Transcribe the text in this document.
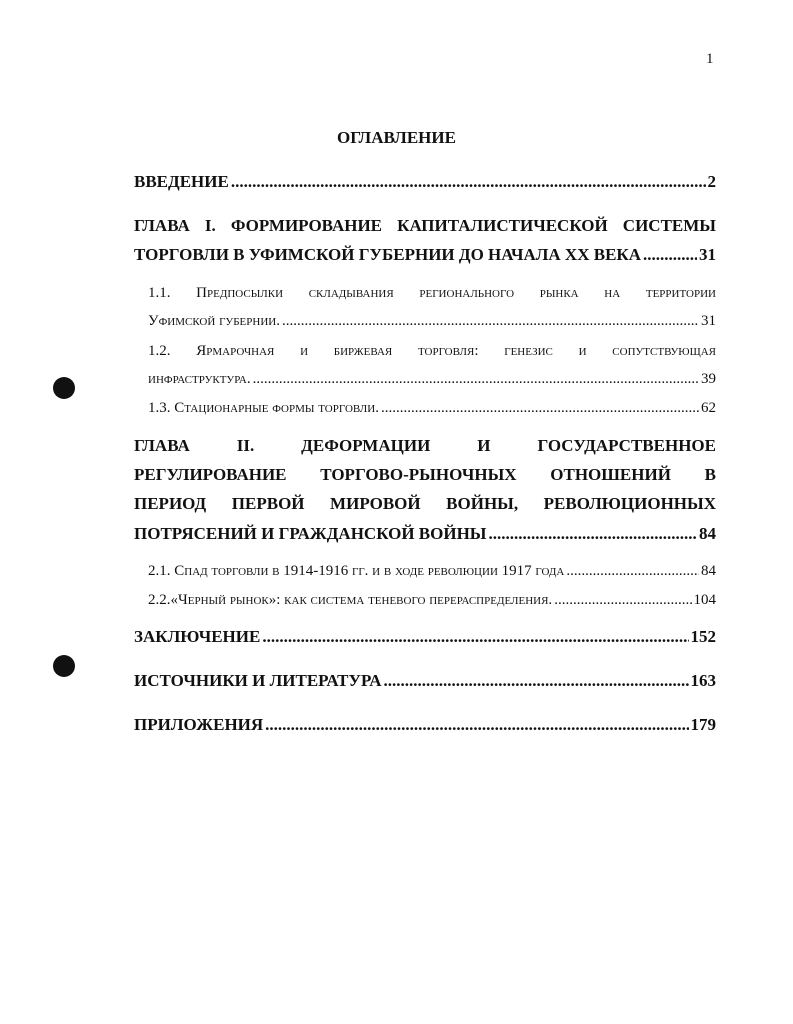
1
ОГЛАВЛЕНИЕ
ВВЕДЕНИЕ .....	2
ГЛАВА I. ФОРМИРОВАНИЕ КАПИТАЛИСТИЧЕСКОЙ СИСТЕМЫ
ТОРГОВЛИ В УФИМСКОЙ ГУБЕРНИИ ДО НАЧАЛА XX ВЕКА .....	31
1.1. Предпосылки складывания регионального рынка на территории
Уфимской губернии. .....	31
1.2. Ярмарочная и биржевая торговля: генезис и сопутствующая
инфраструктура. .....	39
1.3. Стационарные формы торговли. .....	62
ГЛАВА II. ДЕФОРМАЦИИ И ГОСУДАРСТВЕННОЕ
РЕГУЛИРОВАНИЕ ТОРГОВО-РЫНОЧНЫХ ОТНОШЕНИЙ В
ПЕРИОД ПЕРВОЙ МИРОВОЙ ВОЙНЫ, РЕВОЛЮЦИОННЫХ
ПОТРЯСЕНИЙ И ГРАЖДАНСКОЙ ВОЙНЫ .....	84
2.1. Спад торговли в 1914-1916 гг. и в ходе революции 1917 года .....	84
2.2.«Черный рынок»: как система теневого перераспределения. .....	104
ЗАКЛЮЧЕНИЕ .....	152
ИСТОЧНИКИ И ЛИТЕРАТУРА .....	163
ПРИЛОЖЕНИЯ .....	179
